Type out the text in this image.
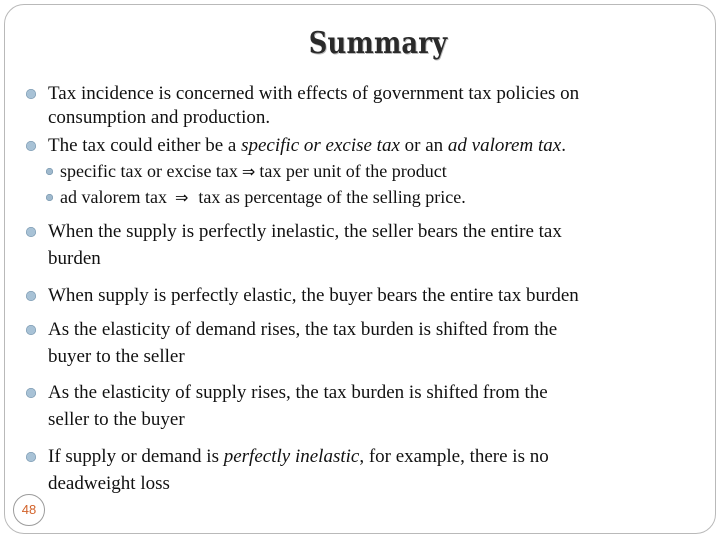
Summary
Tax incidence is concerned with effects of government tax policies on
consumption and production.
The tax could either be a specific or excise tax or an ad valorem tax.
specific tax or excise tax ⇒ tax per unit of the product
ad valorem tax ⇒ tax as percentage of the selling price.
When the supply is perfectly inelastic, the seller bears the entire tax
burden
When supply is perfectly elastic, the buyer bears the entire tax burden
As the elasticity of demand rises, the tax burden is shifted from the
buyer to the seller
As the elasticity of supply rises, the tax burden is shifted from the
seller to the buyer
If supply or demand is perfectly inelastic, for example, there is no
deadweight loss
48
